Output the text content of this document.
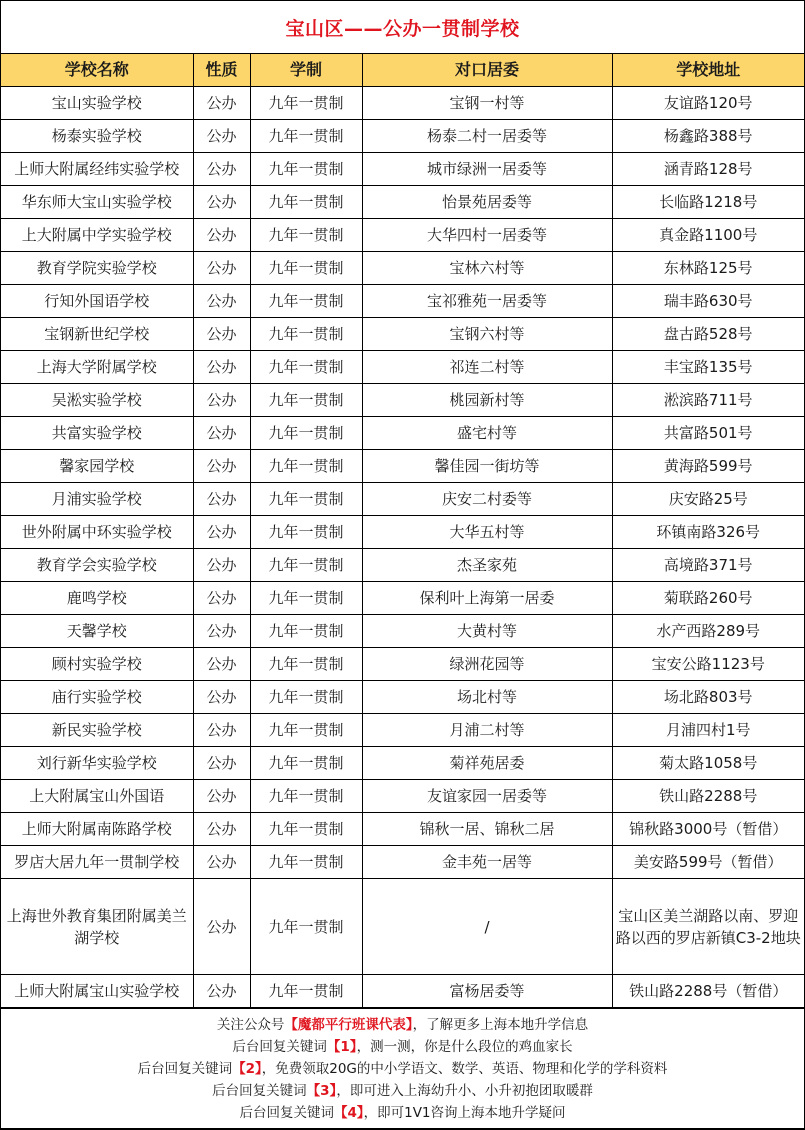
宝山区——公办一贯制学校
学校名称	性质	学制	对口居委	学校地址
宝山实验学校	公办	九年一贯制	宝钢一村等	友谊路120号
杨泰实验学校	公办	九年一贯制	杨泰二村一居委等	杨鑫路388号
上师大附属经纬实验学校	公办	九年一贯制	城市绿洲一居委等	涵青路128号
华东师大宝山实验学校	公办	九年一贯制	怡景苑居委等	长临路1218号
上大附属中学实验学校	公办	九年一贯制	大华四村一居委等	真金路1100号
教育学院实验学校	公办	九年一贯制	宝林六村等	东林路125号
行知外国语学校	公办	九年一贯制	宝祁雅苑一居委等	瑞丰路630号
宝钢新世纪学校	公办	九年一贯制	宝钢六村等	盘古路528号
上海大学附属学校	公办	九年一贯制	祁连二村等	丰宝路135号
吴淞实验学校	公办	九年一贯制	桃园新村等	淞滨路711号
共富实验学校	公办	九年一贯制	盛宅村等	共富路501号
馨家园学校	公办	九年一贯制	馨佳园一街坊等	黄海路599号
月浦实验学校	公办	九年一贯制	庆安二村委等	庆安路25号
世外附属中环实验学校	公办	九年一贯制	大华五村等	环镇南路326号
教育学会实验学校	公办	九年一贯制	杰圣家苑	高境路371号
鹿鸣学校	公办	九年一贯制	保利叶上海第一居委	菊联路260号
天馨学校	公办	九年一贯制	大黄村等	水产西路289号
顾村实验学校	公办	九年一贯制	绿洲花园等	宝安公路1123号
庙行实验学校	公办	九年一贯制	场北村等	场北路803号
新民实验学校	公办	九年一贯制	月浦二村等	月浦四村1号
刘行新华实验学校	公办	九年一贯制	菊祥苑居委	菊太路1058号
上大附属宝山外国语	公办	九年一贯制	友谊家园一居委等	铁山路2288号
上师大附属南陈路学校	公办	九年一贯制	锦秋一居、锦秋二居	锦秋路3000号（暂借）
罗店大居九年一贯制学校	公办	九年一贯制	金丰苑一居等	美安路599号（暂借）
上海世外教育集团附属美兰湖学校	公办	九年一贯制	/	宝山区美兰湖路以南、罗迎路以西的罗店新镇C3-2地块
上师大附属宝山实验学校	公办	九年一贯制	富杨居委等	铁山路2288号（暂借）
关注公众号【魔都平行班课代表】，了解更多上海本地升学信息
后台回复关键词【1】，测一测，你是什么段位的鸡血家长
后台回复关键词【2】，免费领取20G的中小学语文、数学、英语、物理和化学的学科资料
后台回复关键词【3】，即可进入上海幼升小、小升初抱团取暖群
后台回复关键词【4】，即可1V1咨询上海本地升学疑问
